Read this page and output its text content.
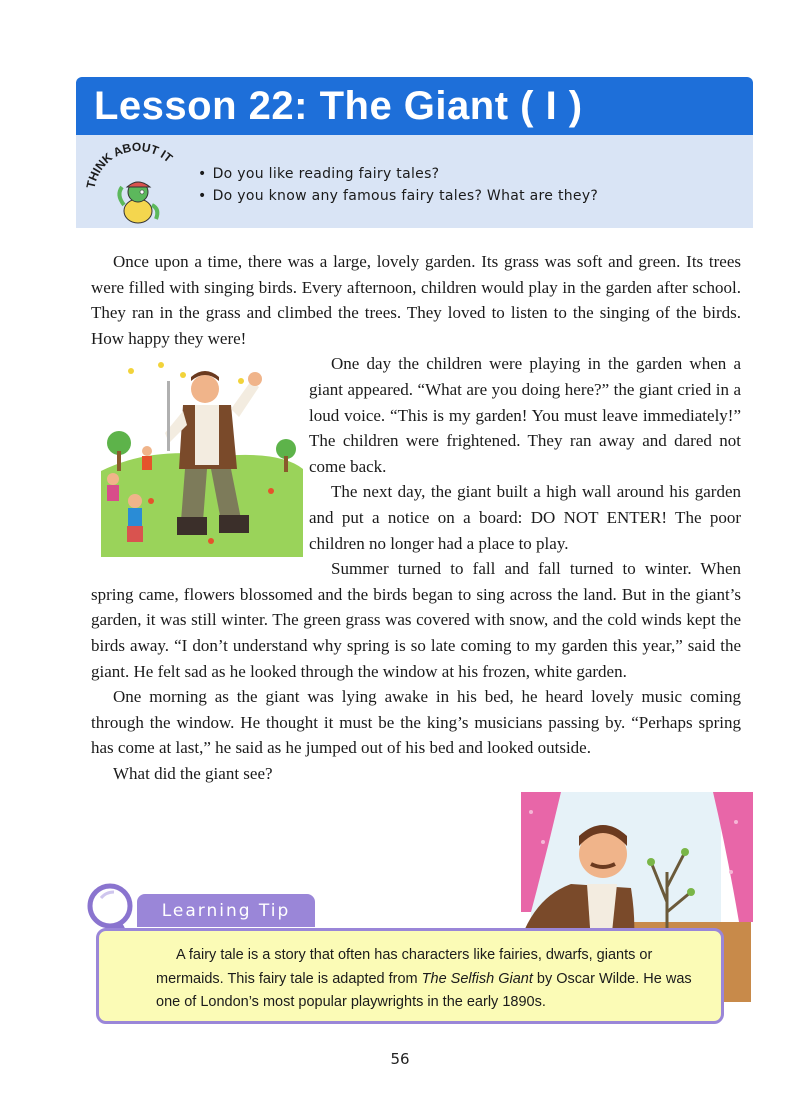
Lesson 22: The Giant ( I )
THINK ABOUT IT
• Do you like reading fairy tales?
• Do you know any famous fairy tales? What are they?

Once upon a time, there was a large, lovely garden. Its grass was soft and green. Its trees were filled with singing birds. Every afternoon, children would play in the garden after school. They ran in the grass and climbed the trees. They loved to listen to the singing of the birds. How happy they were!

One day the children were playing in the garden when a giant appeared. “What are you doing here?” the giant cried in a loud voice. “This is my garden! You must leave immediately!” The children were frightened. They ran away and dared not come back.

The next day, the giant built a high wall around his garden and put a notice on a board: DO NOT ENTER! The poor children no longer had a place to play.

Summer turned to fall and fall turned to winter. When spring came, flowers blossomed and the birds began to sing across the land. But in the giant’s garden, it was still winter. The green grass was covered with snow, and the cold winds kept the birds away. “I don’t understand why spring is so late coming to my garden this year,” said the giant. He felt sad as he looked through the window at his frozen, white garden.

One morning as the giant was lying awake in his bed, he heard lovely music coming through the window. He thought it must be the king’s musicians passing by. “Perhaps spring has come at last,” he said as he jumped out of his bed and looked outside.

What did the giant see?

Learning Tip

A fairy tale is a story that often has characters like fairies, dwarfs, giants or mermaids. This fairy tale is adapted from The Selfish Giant by Oscar Wilde. He was one of London’s most popular playwrights in the early 1890s.

56
